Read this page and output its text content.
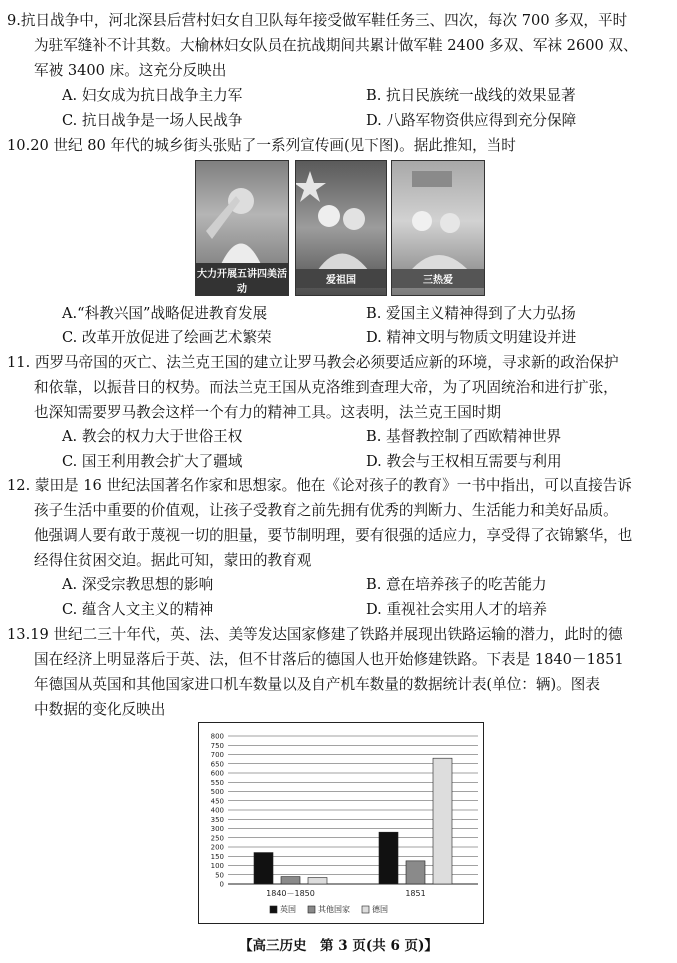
9.抗日战争中，河北深县后营村妇女自卫队每年接受做军鞋任务三、四次，每次 700 多双，平时
为驻军缝补不计其数。大榆林妇女队员在抗战期间共累计做军鞋 2400 多双、军袜 2600 双、
军被 3400 床。这充分反映出
A. 妇女成为抗日战争主力军	B. 抗日民族统一战线的效果显著
C. 抗日战争是一场人民战争	D. 八路军物资供应得到充分保障
10.20 世纪 80 年代的城乡街头张贴了一系列宣传画(见下图)。据此推知，当时
大力开展五讲四美活动
爱祖国	三热爱
A.“科教兴国”战略促进教育发展	B. 爱国主义精神得到了大力弘扬
C. 改革开放促进了绘画艺术繁荣	D. 精神文明与物质文明建设并进
11. 西罗马帝国的灭亡、法兰克王国的建立让罗马教会必须要适应新的环境，寻求新的政治保护
和依靠，以振昔日的权势。而法兰克王国从克洛维到查理大帝，为了巩固统治和进行扩张，
也深知需要罗马教会这样一个有力的精神工具。这表明，法兰克王国时期
A. 教会的权力大于世俗王权	B. 基督教控制了西欧精神世界
C. 国王利用教会扩大了疆域	D. 教会与王权相互需要与利用
12. 蒙田是 16 世纪法国著名作家和思想家。他在《论对孩子的教育》一书中指出，可以直接告诉
孩子生活中重要的价值观，让孩子受教育之前先拥有优秀的判断力、生活能力和美好品质。
他强调人要有敢于蔑视一切的胆量，要节制明理，要有很强的适应力，享受得了衣锦繁华，也
经得住贫困交迫。据此可知，蒙田的教育观
A. 深受宗教思想的影响	B. 意在培养孩子的吃苦能力
C. 蕴含人文主义的精神	D. 重视社会实用人才的培养
13.19 世纪二三十年代，英、法、美等发达国家修建了铁路并展现出铁路运输的潜力，此时的德
国在经济上明显落后于英、法，但不甘落后的德国人也开始修建铁路。下表是 1840－1851
年德国从英国和其他国家进口机车数量以及自产机车数量的数据统计表(单位：辆)。图表
中数据的变化反映出
0
50
100
150
200
250
300
350
400
450
500
550
600
650
700
750
800
1840－1850	1851
英国	其他国家	德国
【高三历史　第 3 页(共 6 页)】
